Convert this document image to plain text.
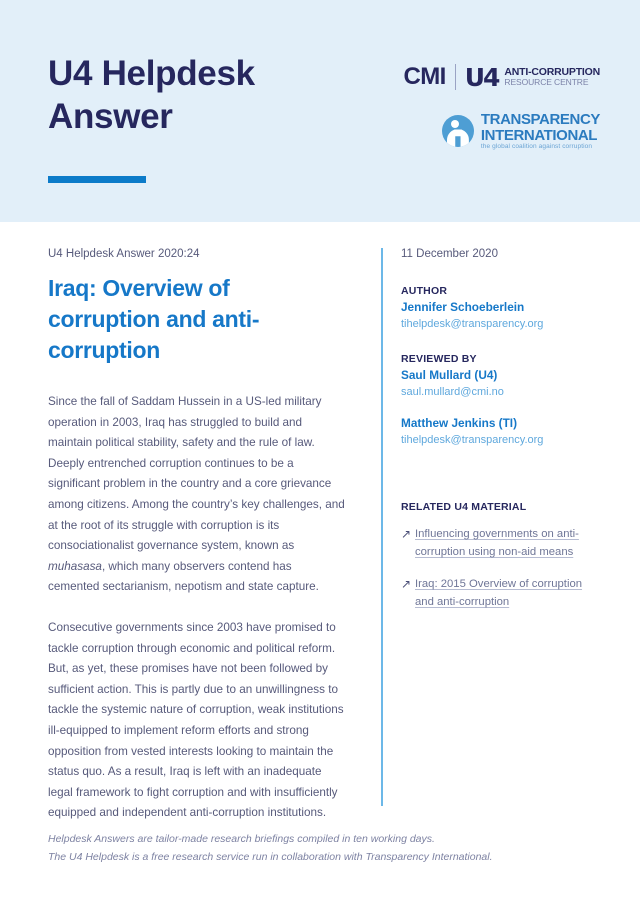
U4 Helpdesk Answer
CMI U4 ANTI-CORRUPTION
RESOURCE CENTRE
TRANSPARENCY
INTERNATIONAL
the global coalition against corruption
U4 Helpdesk Answer 2020:24
Iraq: Overview of corruption and anti-corruption

Since the fall of Saddam Hussein in a US-led military operation in 2003, Iraq has struggled to build and maintain political stability, safety and the rule of law. Deeply entrenched corruption continues to be a significant problem in the country and a core grievance among citizens. Among the country’s key challenges, and at the root of its struggle with corruption is its consociationalist governance system, known as muhasasa, which many observers contend has cemented sectarianism, nepotism and state capture.

Consecutive governments since 2003 have promised to tackle corruption through economic and political reform. But, as yet, these promises have not been followed by sufficient action. This is partly due to an unwillingness to tackle the systemic nature of corruption, weak institutions ill-equipped to implement reform efforts and strong opposition from vested interests looking to maintain the status quo. As a result, Iraq is left with an inadequate legal framework to fight corruption and with insufficiently equipped and independent anti-corruption institutions.

11 December 2020
AUTHOR
Jennifer Schoeberlein
tihelpdesk@transparency.org
REVIEWED BY
Saul Mullard (U4)
saul.mullard@cmi.no
Matthew Jenkins (TI)
tihelpdesk@transparency.org
RELATED U4 MATERIAL
↗ Influencing governments on anti-corruption using non-aid means
↗ Iraq: 2015 Overview of corruption and anti-corruption
Helpdesk Answers are tailor-made research briefings compiled in ten working days.
The U4 Helpdesk is a free research service run in collaboration with Transparency International.
